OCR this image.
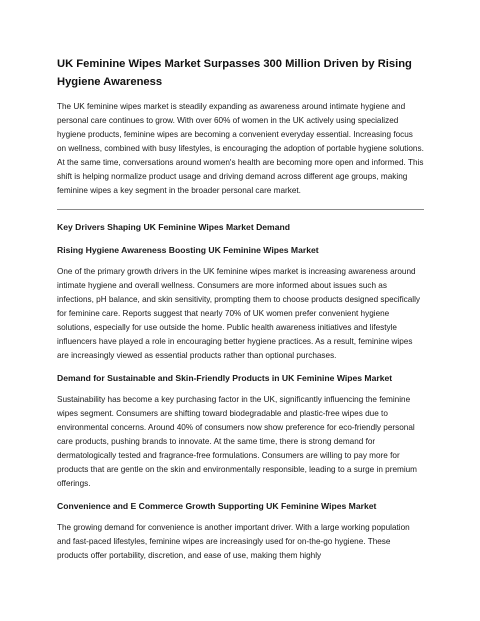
UK Feminine Wipes Market Surpasses 300 Million Driven by Rising Hygiene Awareness

The UK feminine wipes market is steadily expanding as awareness around intimate hygiene and personal care continues to grow. With over 60% of women in the UK actively using specialized hygiene products, feminine wipes are becoming a convenient everyday essential. Increasing focus on wellness, combined with busy lifestyles, is encouraging the adoption of portable hygiene solutions. At the same time, conversations around women's health are becoming more open and informed. This shift is helping normalize product usage and driving demand across different age groups, making feminine wipes a key segment in the broader personal care market.

Key Drivers Shaping UK Feminine Wipes Market Demand
Rising Hygiene Awareness Boosting UK Feminine Wipes Market

One of the primary growth drivers in the UK feminine wipes market is increasing awareness around intimate hygiene and overall wellness. Consumers are more informed about issues such as infections, pH balance, and skin sensitivity, prompting them to choose products designed specifically for feminine care. Reports suggest that nearly 70% of UK women prefer convenient hygiene solutions, especially for use outside the home. Public health awareness initiatives and lifestyle influencers have played a role in encouraging better hygiene practices. As a result, feminine wipes are increasingly viewed as essential products rather than optional purchases.

Demand for Sustainable and Skin-Friendly Products in UK Feminine Wipes Market

Sustainability has become a key purchasing factor in the UK, significantly influencing the feminine wipes segment. Consumers are shifting toward biodegradable and plastic-free wipes due to environmental concerns. Around 40% of consumers now show preference for eco-friendly personal care products, pushing brands to innovate. At the same time, there is strong demand for dermatologically tested and fragrance-free formulations. Consumers are willing to pay more for products that are gentle on the skin and environmentally responsible, leading to a surge in premium offerings.

Convenience and E Commerce Growth Supporting UK Feminine Wipes Market

The growing demand for convenience is another important driver. With a large working population and fast-paced lifestyles, feminine wipes are increasingly used for on-the-go hygiene. These products offer portability, discretion, and ease of use, making them highly
